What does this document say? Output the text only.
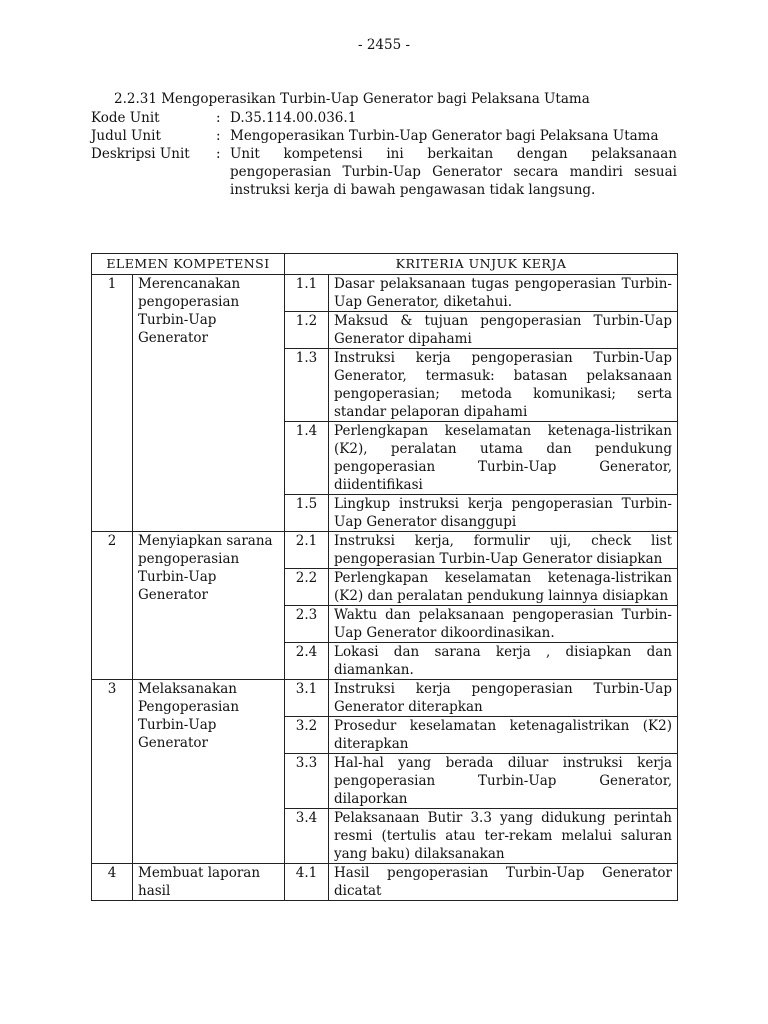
- 2455 -
2.2.31 Mengoperasikan Turbin-Uap Generator bagi Pelaksana Utama
Kode Unit	: D.35.114.00.036.1
Judul Unit	: Mengoperasikan Turbin-Uap Generator bagi Pelaksana Utama
Deskripsi Unit	: Unit kompetensi ini berkaitan dengan pelaksanaan pengoperasian Turbin-Uap Generator secara mandiri sesuai instruksi kerja di bawah pengawasan tidak langsung.
ELEMEN KOMPETENSI		KRITERIA UNJUK KERJA	
1	Merencanakan pengoperasian Turbin-Uap Generator	1.1	Dasar pelaksanaan tugas pengoperasian Turbin-Uap Generator, diketahui.
		1.2	Maksud & tujuan pengoperasian Turbin-Uap Generator dipahami
		1.3	Instruksi kerja pengoperasian Turbin-Uap Generator, termasuk: batasan pelaksanaan pengoperasian; metoda komunikasi; serta standar pelaporan dipahami
		1.4	Perlengkapan keselamatan ketenaga-listrikan (K2), peralatan utama dan pendukung pengoperasian Turbin-Uap Generator, diidentifikasi
		1.5	Lingkup instruksi kerja pengoperasian Turbin-Uap Generator disanggupi
2	Menyiapkan sarana pengoperasian Turbin-Uap Generator	2.1	Instruksi kerja, formulir uji, check list pengoperasian Turbin-Uap Generator disiapkan
		2.2	Perlengkapan keselamatan ketenaga-listrikan (K2) dan peralatan pendukung lainnya disiapkan
		2.3	Waktu dan pelaksanaan pengoperasian Turbin-Uap Generator dikoordinasikan.
		2.4	Lokasi dan sarana kerja , disiapkan dan diamankan.
3	Melaksanakan Pengoperasian Turbin-Uap Generator	3.1	Instruksi kerja pengoperasian Turbin-Uap Generator diterapkan
		3.2	Prosedur keselamatan ketenagalistrikan (K2) diterapkan
		3.3	Hal-hal yang berada diluar instruksi kerja pengoperasian Turbin-Uap Generator, dilaporkan
		3.4	Pelaksanaan Butir 3.3 yang didukung perintah resmi (tertulis atau ter-rekam melalui saluran yang baku) dilaksanakan
4	Membuat laporan hasil	4.1	Hasil pengoperasian Turbin-Uap Generator dicatat
